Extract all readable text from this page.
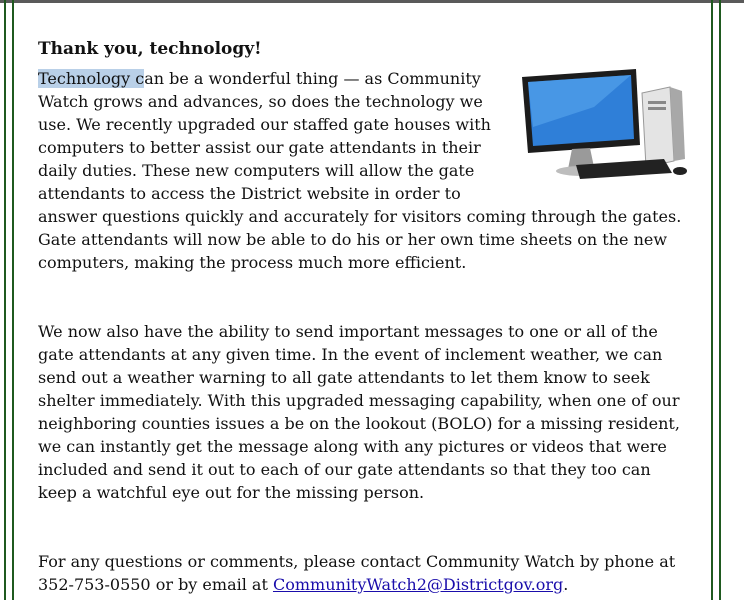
Thank you, technology!

Technology can be a wonderful thing — as Community Watch grows and advances, so does the technology we use. We recently upgraded our staffed gate houses with computers to better assist our gate attendants in their daily duties. These new computers will allow the gate attendants to access the District website in order to answer questions quickly and accurately for visitors coming through the gates. Gate attendants will now be able to do his or her own time sheets on the new computers, making the process much more efficient.

We now also have the ability to send important messages to one or all of the gate attendants at any given time. In the event of inclement weather, we can send out a weather warning to all gate attendants to let them know to seek shelter immediately. With this upgraded messaging capability, when one of our neighboring counties issues a be on the lookout (BOLO) for a missing resident, we can instantly get the message along with any pictures or videos that were included and send it out to each of our gate attendants so that they too can keep a watchful eye out for the missing person.

For any questions or comments, please contact Community Watch by phone at 352-753-0550 or by email at CommunityWatch2@Districtgov.org.
